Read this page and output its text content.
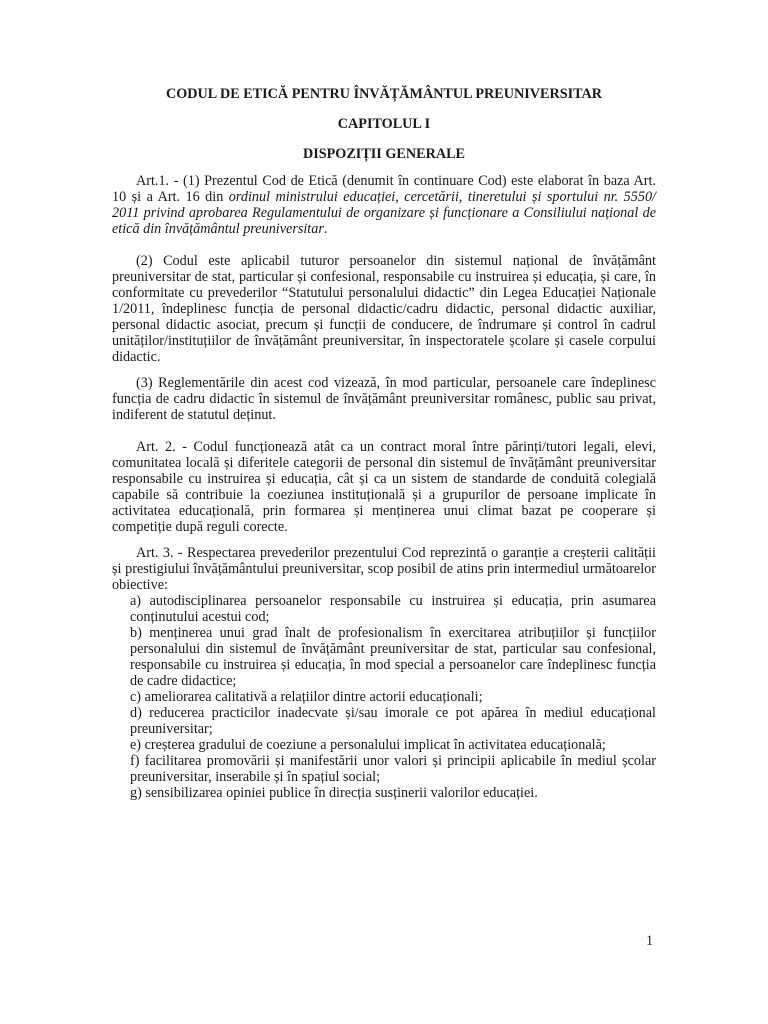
CODUL DE ETICĂ PENTRU ÎNVĂȚĂMÂNTUL PREUNIVERSITAR

CAPITOLUL I

DISPOZIȚII GENERALE

Art.1. - (1) Prezentul Cod de Etică (denumit în continuare Cod) este elaborat în baza Art. 10 și a Art. 16 din ordinul ministrului educației, cercetării, tineretului și sportului nr. 5550/ 2011 privind aprobarea Regulamentului de organizare și funcționare a Consiliului național de etică din învățământul preuniversitar.

(2) Codul este aplicabil tuturor persoanelor din sistemul național de învățământ preuniversitar de stat, particular și confesional, responsabile cu instruirea și educația, și care, în conformitate cu prevederilor “Statutului personalului didactic” din Legea Educației Naționale 1/2011, îndeplinesc funcția de personal didactic/cadru didactic, personal didactic auxiliar, personal didactic asociat, precum și funcții de conducere, de îndrumare și control în cadrul unităților/instituțiilor de învățământ preuniversitar, în inspectoratele școlare și casele corpului didactic.

(3) Reglementările din acest cod vizează, în mod particular, persoanele care îndeplinesc funcția de cadru didactic în sistemul de învățământ preuniversitar românesc, public sau privat, indiferent de statutul deținut.

Art. 2. - Codul funcționează atât ca un contract moral între părinți/tutori legali, elevi, comunitatea locală și diferitele categorii de personal din sistemul de învățământ preuniversitar responsabile cu instruirea și educația, cât și ca un sistem de standarde de conduită colegială capabile să contribuie la coeziunea instituțională și a grupurilor de persoane implicate în activitatea educațională, prin formarea și menținerea unui climat bazat pe cooperare și competiție după reguli corecte.

Art. 3. - Respectarea prevederilor prezentului Cod reprezintă o garanție a creșterii calității și prestigiului învățământului preuniversitar, scop posibil de atins prin intermediul următoarelor obiective:

a) autodisciplinarea persoanelor responsabile cu instruirea și educația, prin asumarea conținutului acestui cod;

b) menținerea unui grad înalt de profesionalism în exercitarea atribuțiilor și funcțiilor personalului din sistemul de învățământ preuniversitar de stat, particular sau confesional, responsabile cu instruirea și educația, în mod special a persoanelor care îndeplinesc funcția de cadre didactice;

c) ameliorarea calitativă a relațiilor dintre actorii educaționali;

d) reducerea practicilor inadecvate și/sau imorale ce pot apărea în mediul educațional preuniversitar;

e) creșterea gradului de coeziune a personalului implicat în activitatea educațională;

f) facilitarea promovării și manifestării unor valori și principii aplicabile în mediul școlar preuniversitar, inserabile și în spațiul social;

g) sensibilizarea opiniei publice în direcția susținerii valorilor educației.

1
